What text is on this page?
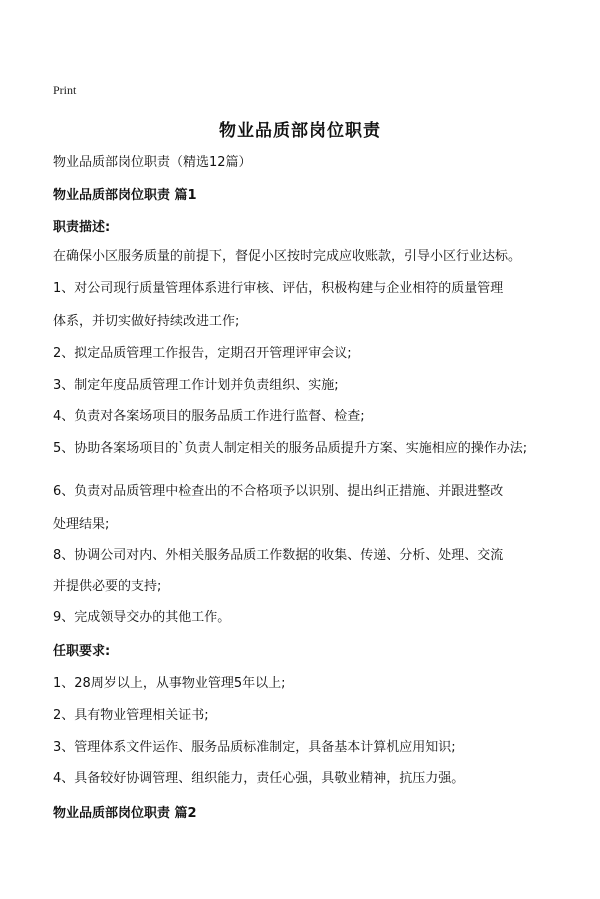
Print
物业品质部岗位职责
物业品质部岗位职责（精选12篇）
物业品质部岗位职责 篇1
职责描述:
在确保小区服务质量的前提下，督促小区按时完成应收账款，引导小区行业达标。
1、对公司现行质量管理体系进行审核、评估，积极构建与企业相符的质量管理
体系，并切实做好持续改进工作;
2、拟定品质管理工作报告，定期召开管理评审会议;
3、制定年度品质管理工作计划并负责组织、实施;
4、负责对各案场项目的服务品质工作进行监督、检查;
5、协助各案场项目的`负责人制定相关的服务品质提升方案、实施相应的操作办法;
6、负责对品质管理中检查出的不合格项予以识别、提出纠正措施、并跟进整改
处理结果;
8、协调公司对内、外相关服务品质工作数据的收集、传递、分析、处理、交流
并提供必要的支持;
9、完成领导交办的其他工作。
任职要求:
1、28周岁以上，从事物业管理5年以上;
2、具有物业管理相关证书;
3、管理体系文件运作、服务品质标准制定，具备基本计算机应用知识;
4、具备较好协调管理、组织能力，责任心强，具敬业精神，抗压力强。
物业品质部岗位职责 篇2
